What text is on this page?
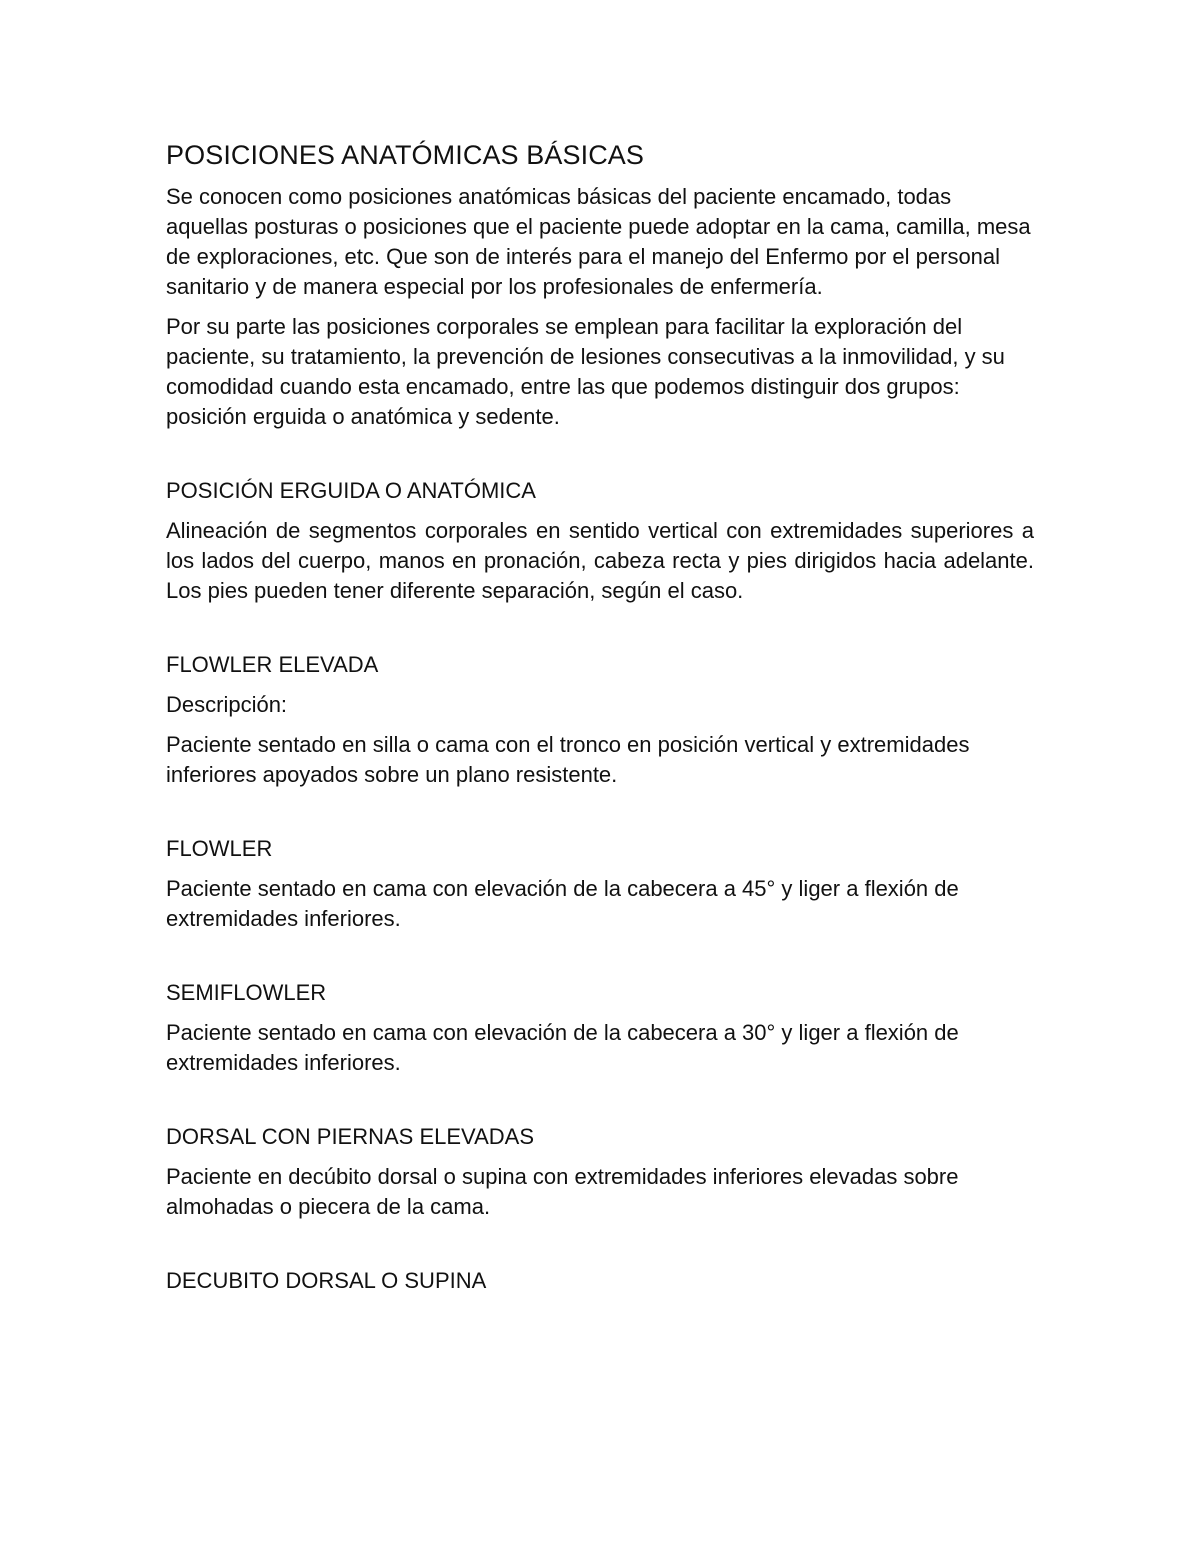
POSICIONES ANATÓMICAS BÁSICAS

Se conocen como posiciones anatómicas básicas del paciente encamado, todas aquellas posturas o posiciones que el paciente puede adoptar en la cama, camilla, mesa de exploraciones, etc. Que son de interés para el manejo del Enfermo por el personal sanitario y de manera especial por los profesionales de enfermería.

Por su parte las posiciones corporales se emplean para facilitar la exploración del paciente, su tratamiento, la prevención de lesiones consecutivas a la inmovilidad, y su comodidad cuando esta encamado, entre las que podemos distinguir dos grupos: posición erguida o anatómica y sedente.

POSICIÓN ERGUIDA O ANATÓMICA

Alineación de segmentos corporales en sentido vertical con extremidades superiores a los lados del cuerpo, manos en pronación, cabeza recta y pies dirigidos hacia adelante. Los pies pueden tener diferente separación, según el caso.

FLOWLER ELEVADA

Descripción:

Paciente sentado en silla o cama con el tronco en posición vertical y extremidades inferiores apoyados sobre un plano resistente.

FLOWLER

Paciente sentado en cama con elevación de la cabecera a 45° y liger a flexión de extremidades inferiores.

SEMIFLOWLER

Paciente sentado en cama con elevación de la cabecera a 30° y liger a flexión de extremidades inferiores.

DORSAL CON PIERNAS ELEVADAS

Paciente en decúbito dorsal o supina con extremidades inferiores elevadas sobre almohadas o piecera de la cama.

DECUBITO DORSAL O SUPINA
